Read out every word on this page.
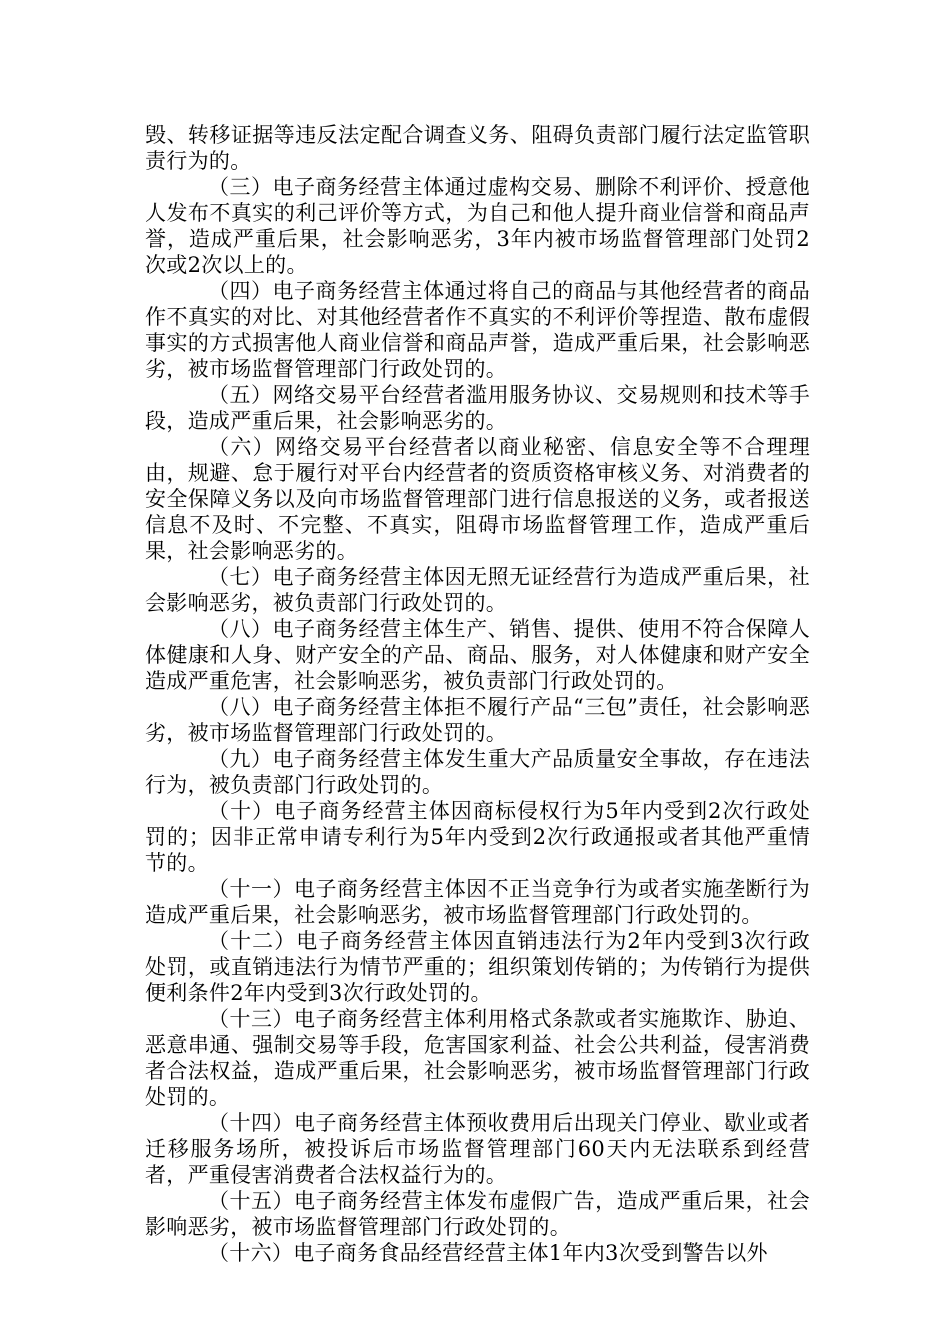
毁、转移证据等违反法定配合调查义务、阻碍负责部门履行法定监管职责行为的。

（三）电子商务经营主体通过虚构交易、删除不利评价、授意他人发布不真实的利己评价等方式，为自己和他人提升商业信誉和商品声誉，造成严重后果，社会影响恶劣，3年内被市场监督管理部门处罚2次或2次以上的。

（四）电子商务经营主体通过将自己的商品与其他经营者的商品作不真实的对比、对其他经营者作不真实的不利评价等捏造、散布虚假事实的方式损害他人商业信誉和商品声誉，造成严重后果，社会影响恶劣，被市场监督管理部门行政处罚的。

（五）网络交易平台经营者滥用服务协议、交易规则和技术等手段，造成严重后果，社会影响恶劣的。

（六）网络交易平台经营者以商业秘密、信息安全等不合理理由，规避、怠于履行对平台内经营者的资质资格审核义务、对消费者的安全保障义务以及向市场监督管理部门进行信息报送的义务，或者报送信息不及时、不完整、不真实，阻碍市场监督管理工作，造成严重后果，社会影响恶劣的。

（七）电子商务经营主体因无照无证经营行为造成严重后果，社会影响恶劣，被负责部门行政处罚的。

（八）电子商务经营主体生产、销售、提供、使用不符合保障人体健康和人身、财产安全的产品、商品、服务，对人体健康和财产安全造成严重危害，社会影响恶劣，被负责部门行政处罚的。

（八）电子商务经营主体拒不履行产品“三包”责任，社会影响恶劣，被市场监督管理部门行政处罚的。

（九）电子商务经营主体发生重大产品质量安全事故，存在违法行为，被负责部门行政处罚的。

（十）电子商务经营主体因商标侵权行为5年内受到2次行政处罚的；因非正常申请专利行为5年内受到2次行政通报或者其他严重情节的。

（十一）电子商务经营主体因不正当竞争行为或者实施垄断行为造成严重后果，社会影响恶劣，被市场监督管理部门行政处罚的。

（十二）电子商务经营主体因直销违法行为2年内受到3次行政处罚，或直销违法行为情节严重的；组织策划传销的；为传销行为提供便利条件2年内受到3次行政处罚的。

（十三）电子商务经营主体利用格式条款或者实施欺诈、胁迫、恶意串通、强制交易等手段，危害国家利益、社会公共利益，侵害消费者合法权益，造成严重后果，社会影响恶劣，被市场监督管理部门行政处罚的。

（十四）电子商务经营主体预收费用后出现关门停业、歇业或者迁移服务场所，被投诉后市场监督管理部门60天内无法联系到经营者，严重侵害消费者合法权益行为的。

（十五）电子商务经营主体发布虚假广告，造成严重后果，社会影响恶劣，被市场监督管理部门行政处罚的。

（十六）电子商务食品经营经营主体1年内3次受到警告以外
